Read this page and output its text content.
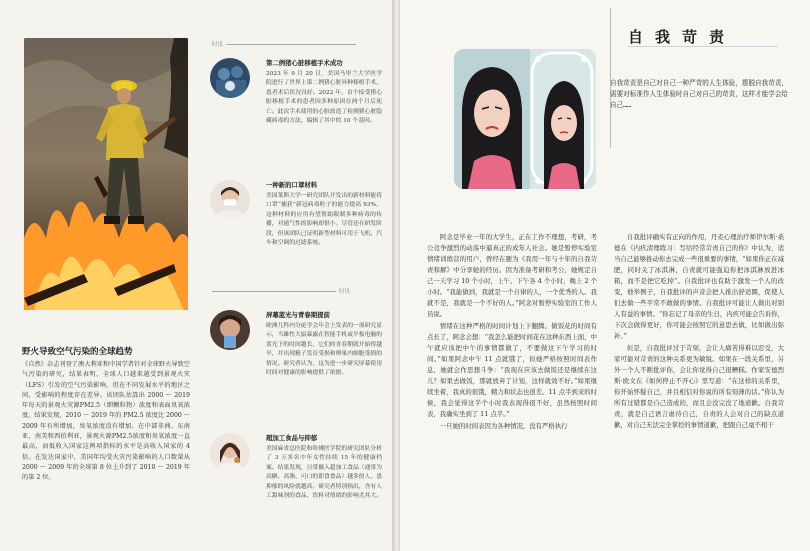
野火导致空气污染的全球趋势
《自然》杂志刊登了澳大利亚和中国学者针对全球野火导致空气污染的研究，结果表明，全球人口越来越受到景观火灾（LFS）引发的空气污染影响。但在不同发展水平的地区之间，受影响的程度存在差异。该团队估算出 2000 ～ 2019 年每天的景观火灾源PM2.5（细颗粒物）浓度和表面臭氧浓度。结果发现，2010 ～ 2019 年的 PM2.5 浓度比 2000 ～ 2009 年有所增加，臭氧浓度没有增加。在中部非洲、东南亚、南美和西伯利亚，景观火源PM2.5浓度和臭氧浓度一直最高，而低收入国家这两项指标的水平是高收入国家的 4 倍。在发达国家中，美国年均受火灾污染影响的人口数量从 2000 ～ 2009 年的全球第 8 位上升到了 2010 ～ 2019 年的第 2 位。
时讯
第二例猪心脏移植手术成功
2023 年 9 月 20 日，美国马里兰大学医学院进行了世界上第二例猪心脏异种移植手术，患者术后状况良好。2022 年，首个接受猪心脏移植手术的患者因多种原因在两个月后死亡。此次手术使用的心脏改造了检测猪心脏隐藏病毒的方法，编辑了其中的 10 个基因。
一种新的口罩材料
美国莱斯大学一研究团队开发出的新材料能将口罩“捕获”新冠病毒粒子的能力提高 93%，这种材料的应用有望帮助限制多种病毒的传播，对通气性的影响却很小。尽管还在研发阶段，但该团队已证明新型材料可用于飞机、汽车和空调的过滤系统。
时讯
屏幕蓝光与青春期提前
欧洲儿科内分泌学会年会上发表的一项研究显示，当雄性大鼠暴露在智能手机或平板电脑的蓝光下的时间越长，它们的青春期就开始得越早，并出现精子发育受损和卵巢内细胞受损的情况。研究者认为，这为进一步研究屏幕使用时间对健康的影响提供了依据。
超加工食品与抑郁
美国麻省总医院和哈佛医学院的研究团队分析了 3 万多名中年女性持续 15 年的健康档案。结果发现，日常摄入超加工食品（通常为高糖、高脂、可口的即食食品）越多的人，患抑郁的风险就越高。研究者特别指出，含有人工甜味剂的食品、饮料对情绪的影响尤其大。
自我苛责
自我苛责是自己对自己一种严苛的人生体验，摆脱自我苛责，需要对标准作人生体验时自己对自己的苛责，这样才能学会给自己……

阿念是毕业一年的大学生，正在工作不理想，考研，考公竞争激烈的动荡中逼真正的成年人社会。她是暂停实验室情绪训练营的用户，曾经在题为《我用一年与十年的自我苛责和解》中分享她的经历。因为准备考研和考公，她规定自己一天学习 10 个小时，上午、下午各 4 个小时，晚上 2 个小时。“我能做到，我就是一个自律的人，一个优秀的人。我就不是，我就是一个不好的人。”阿念对暂停实验室的工作人员说。

情绪在这种严格的时间计划上下翻腾。做饭花的时间有点长了，阿念会想：“我怎么能把时间花在这种东西上面，中午就应该把中午的事情都做了，不要做这下午学习的时间。”如果阿念中午 11 点就饿了，但她严格按照时间表作息，她就会作思想斗争：“我现在应该去做饭还是继续在这儿？如果去做饭，那就放弃了计划，这样就效不好。”如果继续坐着，我真的很饿，精力和状态也很差。11 点半到来的时候，我会觉得这半个小时我表现得很不好，虽然按照时间表，我确实坐到了 11 点半。”

一旦她的时间表因为各种情况，没有严格执行

自我批评确实有正向的作用，丹麦心理治疗师伊尔斯·桑德在《内疚清理练习：写给经常苛责自己的你》中认为，适当自己能够推动你去完成一些很重要的事情，“如果你正在减肥，同时关了冰淇淋，自责就可能强迫你把冰淇淋放进冰箱，而不是把它吃掉”。自我批评也有助于激发一个人的改变，他举例子，自我批评的声音会把人推出舒适圈，促使人们去做一些平常不敢做的事情。自我批评可能让人做出对别人有益的事情。“你忘记了母亲的生日，内疚可能会告诉你，下次会做得更好，你可能会按照它的意思去做，比如做出弥补。”

但是，自我批评过于苛刻，会让人痛苦得难以忍受，大家可能对苛责的这种关系更为敏锐。如果在一段关系里，另外一个人不断批评你，会让你觉得自己很糟糕。作家安德烈斯·欧文在《如何停止不开心》里写道：“在这样的关系里，你开始怀疑自己，并且相信对你说的所有刻薄的话。”你认为所有过错都是自己造成的，而且会没完没了地道歉。自我苛责，就是自己语言虐待自己，自责的人会对自己的缺点道歉，对自己无法完全掌控的事情道歉，把跟自己毫不相干
